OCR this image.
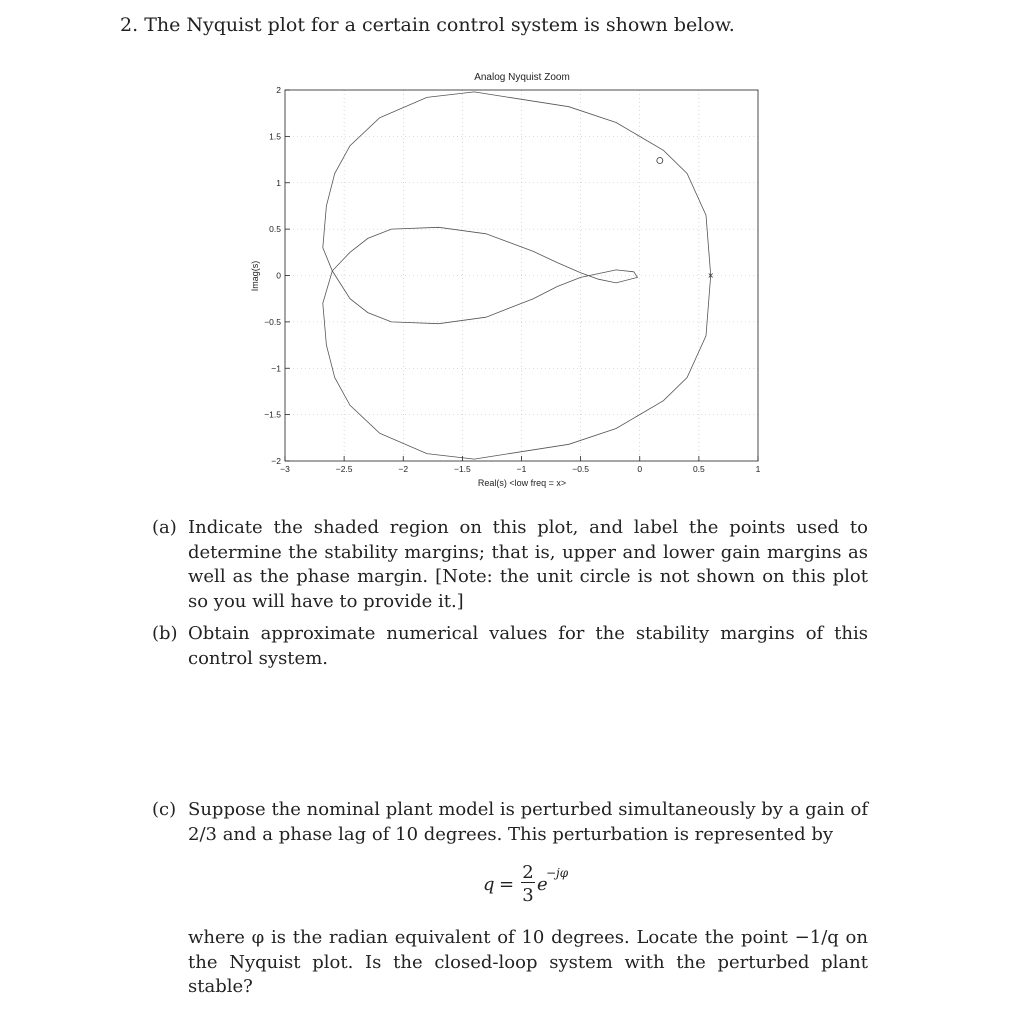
2. The Nyquist plot for a certain control system is shown below.
Analog Nyquist Zoom
−3	−2.5	−2	−1.5	−1	−0.5	0	0.5	1
2
1.5
1
0.5
0
−0.5
−1
−1.5
−2
Real(s) <low freq = x>
Imag(s)
(a) Indicate the shaded region on this plot, and label the points used to determine the stability margins; that is, upper and lower gain margins as well as the phase margin. [Note: the unit circle is not shown on this plot so you will have to provide it.]
(b) Obtain approximate numerical values for the stability margins of this control system.
(c) Suppose the nominal plant model is perturbed simultaneously by a gain of 2/3 and a phase lag of 10 degrees. This perturbation is represented by
$q = \frac{2}{3}$ e
−jφ
where φ is the radian equivalent of 10 degrees. Locate the point −1/q on the Nyquist plot. Is the closed-loop system with the perturbed plant stable?
